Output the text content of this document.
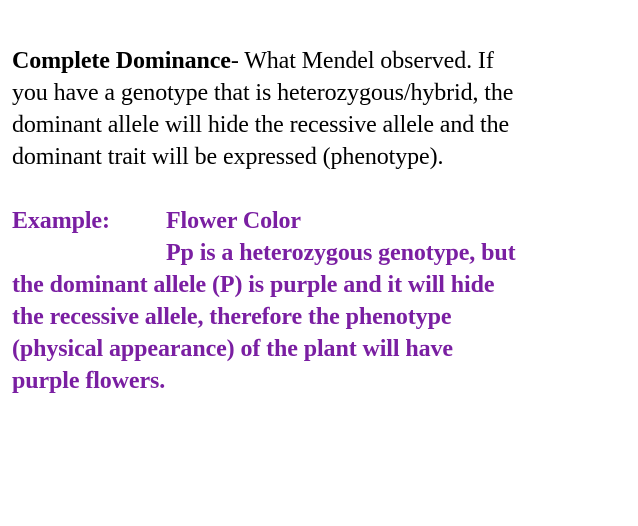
Complete Dominance- What Mendel observed. If

you have a genotype that is heterozygous/hybrid, the

dominant allele will hide the recessive allele and the

dominant trait will be expressed (phenotype).

Example: Flower Color

Pp is a heterozygous genotype, but

the dominant allele (P) is purple and it will hide

the recessive allele, therefore the phenotype

(physical appearance) of the plant will have

purple flowers.
